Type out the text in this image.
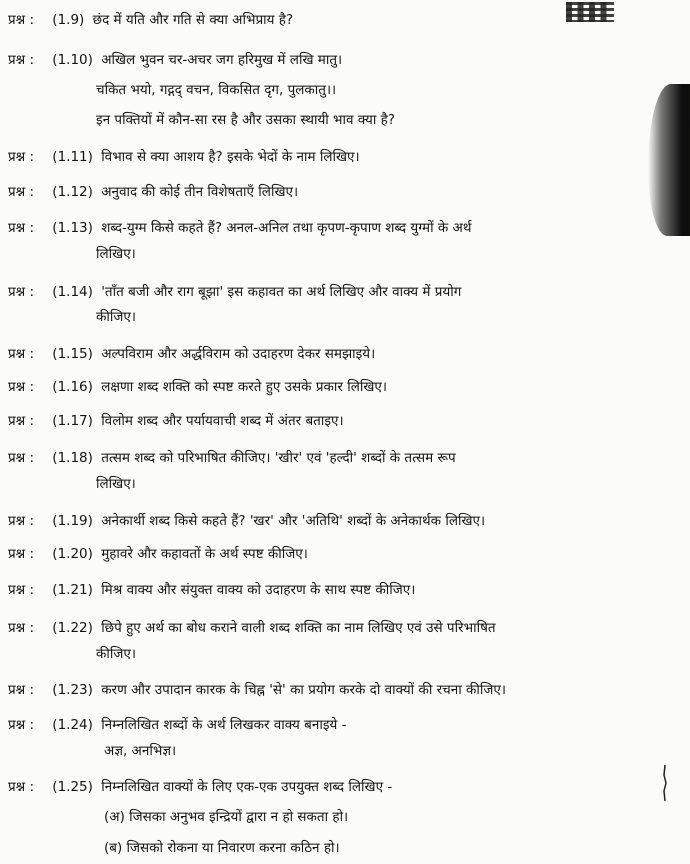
प्रश्न : (1.9) छंद में यति और गति से क्या अभिप्राय है?
प्रश्न : (1.10) अखिल भुवन चर-अचर जग हरिमुख में लखि मातु।
चकित भयो, गद्गद् वचन, विकसित दृग, पुलकातु।।
इन पक्तियों में कौन-सा रस है और उसका स्थायी भाव क्या है?
प्रश्न : (1.11) विभाव से क्या आशय है? इसके भेदों के नाम लिखिए।
प्रश्न : (1.12) अनुवाद की कोई तीन विशेषताएँ लिखिए।
प्रश्न : (1.13) शब्द-युग्म किसे कहते हैं? अनल-अनिल तथा कृपण-कृपाण शब्द युग्मों के अर्थ
लिखिए।
प्रश्न : (1.14) 'ताँत बजी और राग बूझा' इस कहावत का अर्थ लिखिए और वाक्य में प्रयोग
कीजिए।
प्रश्न : (1.15) अल्पविराम और अर्द्धविराम को उदाहरण देकर समझाइये।
प्रश्न : (1.16) लक्षणा शब्द शक्ति को स्पष्ट करते हुए उसके प्रकार लिखिए।
प्रश्न : (1.17) विलोम शब्द और पर्यायवाची शब्द में अंतर बताइए।
प्रश्न : (1.18) तत्सम शब्द को परिभाषित कीजिए। 'खीर' एवं 'हल्दी' शब्दों के तत्सम रूप
लिखिए।
प्रश्न : (1.19) अनेकार्थी शब्द किसे कहते हैं? 'खर' और 'अतिथि' शब्दों के अनेकार्थक लिखिए।
प्रश्न : (1.20) मुहावरे और कहावतों के अर्थ स्पष्ट कीजिए।
प्रश्न : (1.21) मिश्र वाक्य और संयुक्त वाक्य को उदाहरण के साथ स्पष्ट कीजिए।
प्रश्न : (1.22) छिपे हुए अर्थ का बोध कराने वाली शब्द शक्ति का नाम लिखिए एवं उसे परिभाषित
कीजिए।
प्रश्न : (1.23) करण और उपादान कारक के चिह्न 'से' का प्रयोग करके दो वाक्यों की रचना कीजिए।
प्रश्न : (1.24) निम्नलिखित शब्दों के अर्थ लिखकर वाक्य बनाइये -
अज्ञ, अनभिज्ञ।
प्रश्न : (1.25) निम्नलिखित वाक्यों के लिए एक-एक उपयुक्त शब्द लिखिए -
(अ) जिसका अनुभव इन्द्रियों द्वारा न हो सकता हो।
(ब) जिसको रोकना या निवारण करना कठिन हो।
